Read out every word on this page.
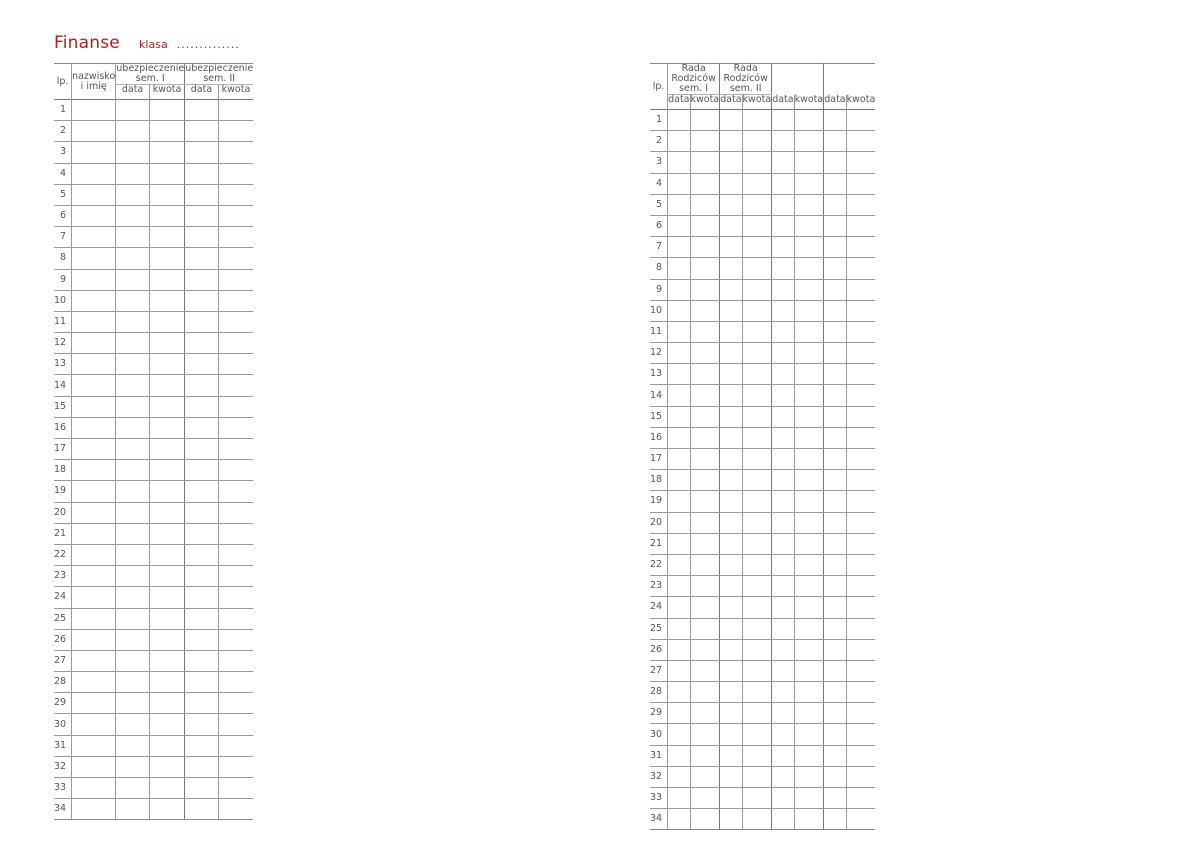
Finanse klasa ..............
lp.	nazwisko i imię	ubezpieczenie sem. I		ubezpieczenie sem. II	
		data	kwota	data	kwota
1					
2					
3					
4					
5					
6					
7					
8					
9					
10					
11					
12					
13					
14					
15					
16					
17					
18					
19					
20					
21					
22					
23					
24					
25					
26					
27					
28					
29					
30					
31					
32					
33					
34					
lp.	Rada Rodziców sem. I		Rada Rodziców sem. II					
	data	kwota	data	kwota	data	kwota	data	kwota
1								
2								
3								
4								
5								
6								
7								
8								
9								
10								
11								
12								
13								
14								
15								
16								
17								
18								
19								
20								
21								
22								
23								
24								
25								
26								
27								
28								
29								
30								
31								
32								
33								
34								
